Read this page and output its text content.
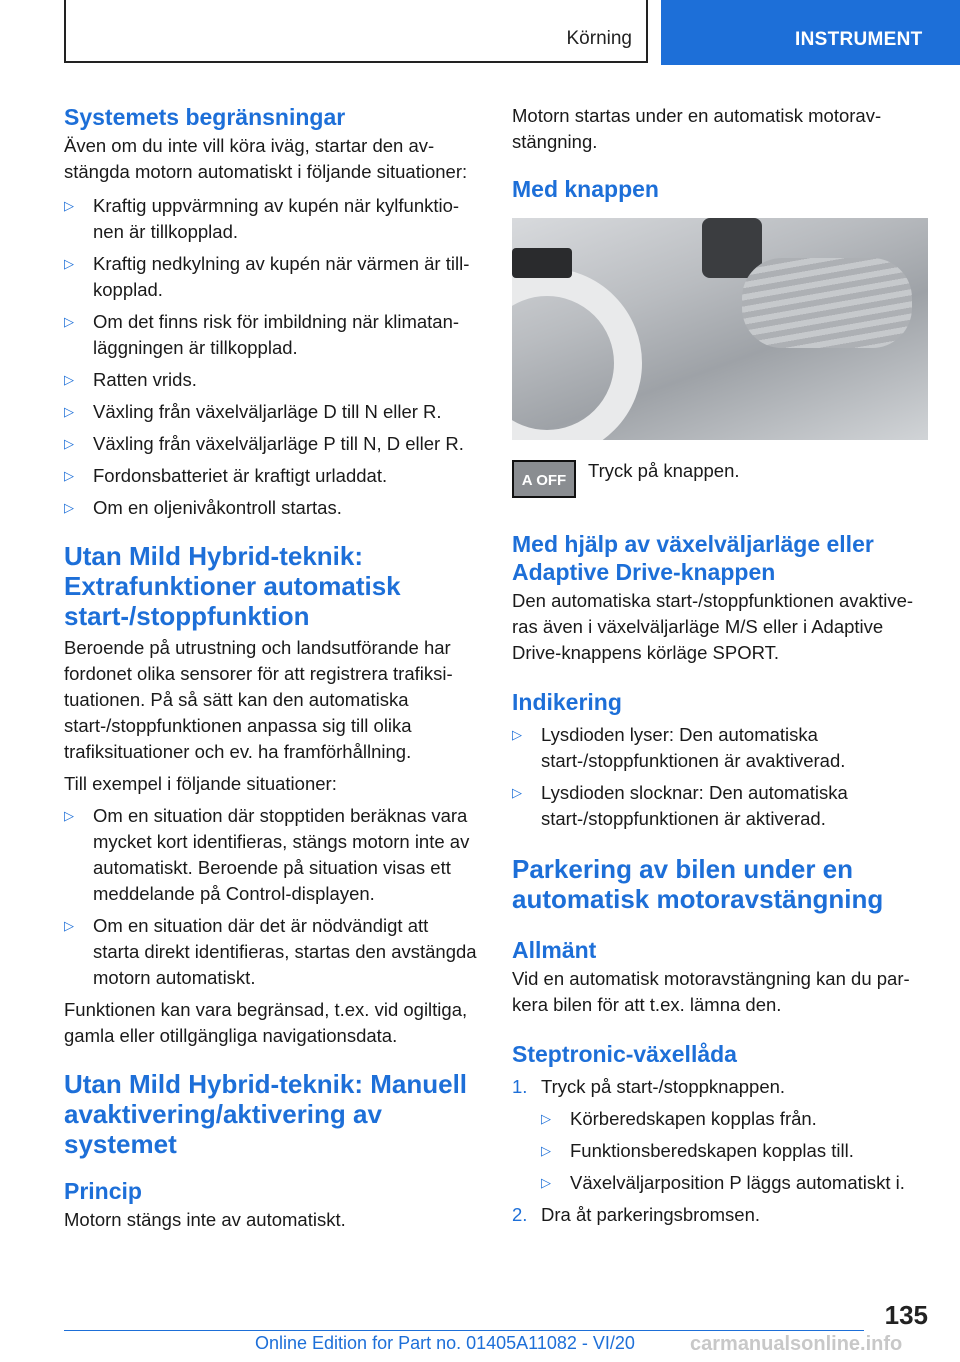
Körning	INSTRUMENT
Systemets begränsningar

Även om du inte vill köra iväg, startar den avstängda motorn automatiskt i följande situationer:

▷ Kraftig uppvärmning av kupén när kylfunktionen är tillkopplad.
▷ Kraftig nedkylning av kupén när värmen är tillkopplad.
▷ Om det finns risk för imbildning när klimatanläggningen är tillkopplad.
▷ Ratten vrids.
▷ Växling från växelväljarläge D till N eller R.
▷ Växling från växelväljarläge P till N, D eller R.
▷ Fordonsbatteriet är kraftigt urladdat.
▷ Om en oljenivåkontroll startas.
Utan Mild Hybrid-teknik: Extrafunktioner automatisk start-/stoppfunktion

Beroende på utrustning och landsutförande har fordonet olika sensorer för att registrera trafiksituationen. På så sätt kan den automatiska start-/stoppfunktionen anpassa sig till olika trafiksituationer och ev. ha framförhållning.

Till exempel i följande situationer:

▷ Om en situation där stopptiden beräknas vara mycket kort identifieras, stängs motorn inte av automatiskt. Beroende på situation visas ett meddelande på Control-displayen.
▷ Om en situation där det är nödvändigt att starta direkt identifieras, startas den avstängda motorn automatiskt.

Funktionen kan vara begränsad, t.ex. vid ogiltiga, gamla eller otillgängliga navigationsdata.

Utan Mild Hybrid-teknik: Manuell avaktivering/aktivering av systemet
Princip

Motorn stängs inte av automatiskt.

Motorn startas under en automatisk motoravstängning.

Med knappen
A OFF	Tryck på knappen.

Med hjälp av växelväljarläge eller Adaptive Drive-knappen

Den automatiska start-/stoppfunktionen avaktiveras även i växelväljarläge M/S eller i Adaptive Drive-knappens körläge SPORT.

Indikering
▷ Lysdioden lyser: Den automatiska start-/stoppfunktionen är avaktiverad.
▷ Lysdioden slocknar: Den automatiska start-/stoppfunktionen är aktiverad.
Parkering av bilen under en automatisk motoravstängning
Allmänt

Vid en automatisk motoravstängning kan du parkera bilen för att t.ex. lämna den.

Steptronic-växellåda
1. Tryck på start-/stoppknappen.
▷ Körberedskapen kopplas från.
▷ Funktionsberedskapen kopplas till.
▷ Växelväljarposition P läggs automatiskt i.
2. Dra åt parkeringsbromsen.
135
Online Edition for Part no. 01405A11082 - VI/20	carmanualsonline.info
